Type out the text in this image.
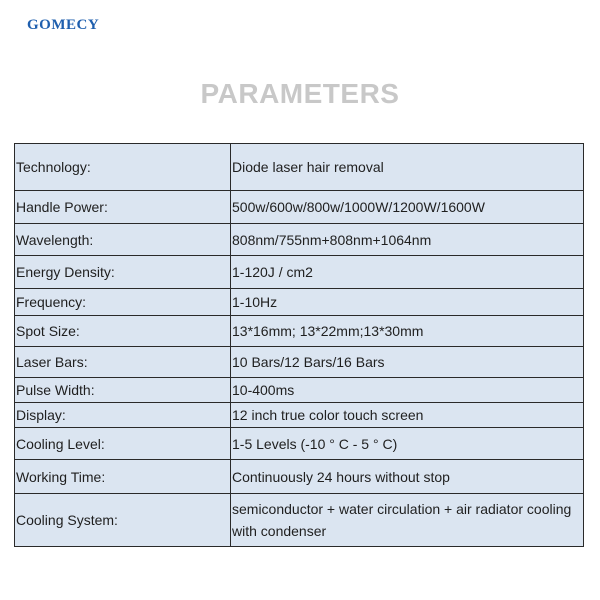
GOMECY
PARAMETERS
Technology:	Diode laser hair removal
Handle Power:	500w/600w/800w/1000W/1200W/1600W
Wavelength:	808nm/755nm+808nm+1064nm
Energy Density:	1-120J / cm2
Frequency:	1-10Hz
Spot Size:	13*16mm; 13*22mm;13*30mm
Laser Bars:	10 Bars/12 Bars/16 Bars
Pulse Width:	10-400ms
Display:	12 inch true color touch screen
Cooling Level:	1-5 Levels (-10 ° C - 5 ° C)
Working Time:	Continuously 24 hours without stop
Cooling System:	semiconductor + water circulation + air radiator cooling with condenser
